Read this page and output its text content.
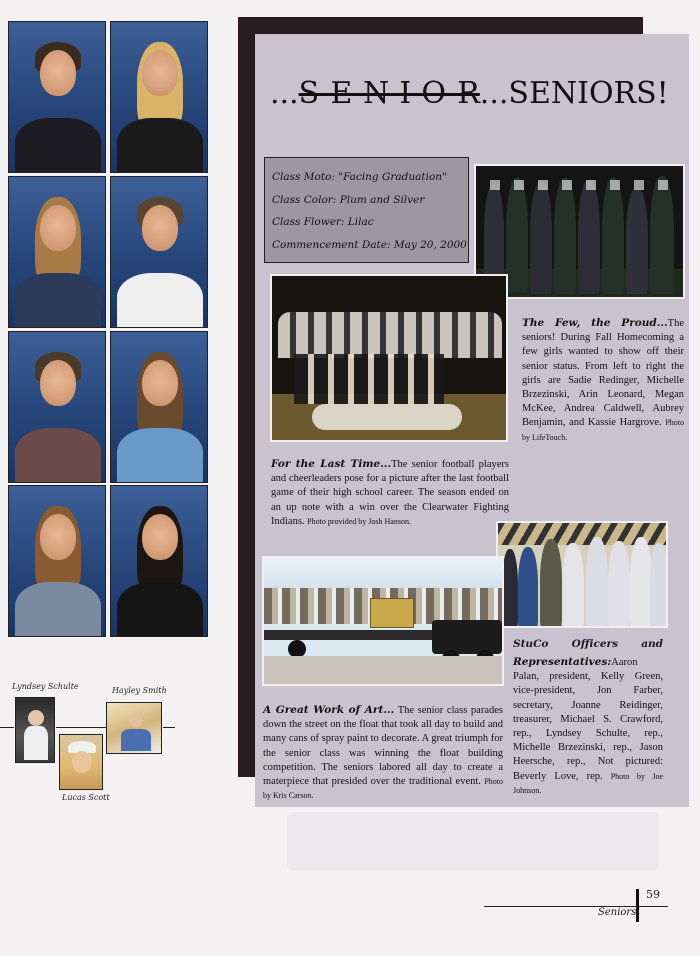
Lyndsey Schulte	Hayley Smith
Lucas Scott
...S-E-N-I-O-R...SENIORS!
Class Moto: "Facing Graduation"
Class Color: Plum and Silver
Class Flower: Lilac
Commencement Date: May 20, 2000
The Few, the Proud...The seniors! During Fall Homecoming a few girls wanted to show off their senior status. From left to right the girls are Sadie Redinger, Michelle Brzezinski, Arin Leonard, Megan McKee, Andrea Caldwell, Aubrey Benjamin, and Kassie Hargrove. Photo by LifeTouch.
For the Last Time...The senior football players and cheerleaders pose for a picture after the last football game of their high school career. The season ended on an up note with a win over the Clearwater Fighting Indians. Photo provided by Josh Hanson.
StuCo Officers and
Representatives:Aaron Palan, president, Kelly Green, vice-president, Jon Farber, secretary, Joanne Reidinger, treasurer, Michael S. Crawford, rep., Lyndsey Schulte, rep., Michelle Brzezinski, rep., Jason Heersche, rep., Not pictured: Beverly Love, rep. Photo by Joe Johnson.
A Great Work of Art... The senior class parades down the street on the float that took all day to build and many cans of spray paint to decorate. A great triumph for the senior class was winning the float building competition. The seniors labored all day to create a materpiece that presided over the traditional event. Photo by Kris Carson.
Seniors
59
